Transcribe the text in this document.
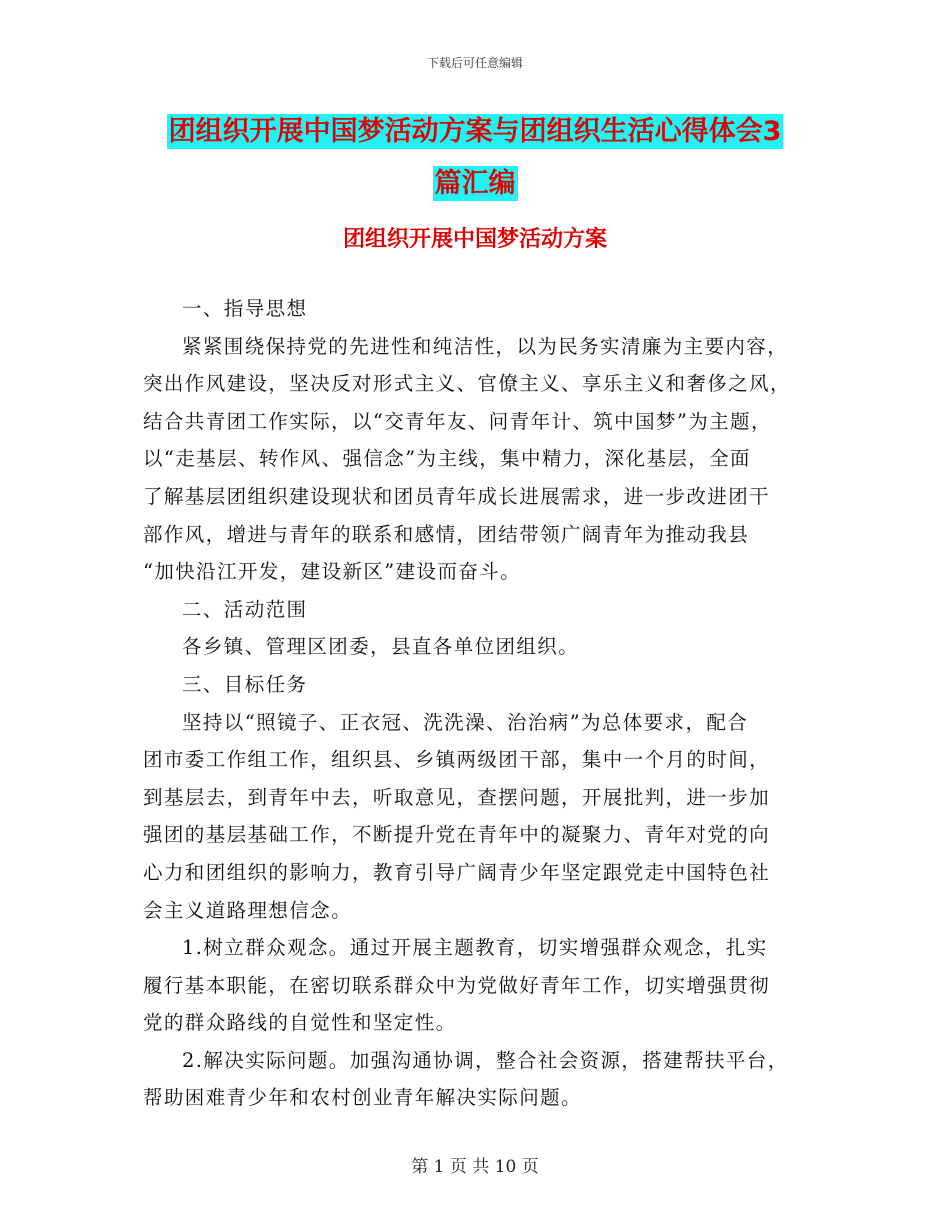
下载后可任意编辑
团组织开展中国梦活动方案与团组织生活心得体会3
篇汇编
团组织开展中国梦活动方案

一、指导思想

紧紧围绕保持党的先进性和纯洁性，以为民务实清廉为主要内容，
突出作风建设，坚决反对形式主义、官僚主义、享乐主义和奢侈之风，
结合共青团工作实际，以“交青年友、问青年计、筑中国梦”为主题，
以“走基层、转作风、强信念”为主线，集中精力，深化基层，全面
了解基层团组织建设现状和团员青年成长进展需求，进一步改进团干
部作风，增进与青年的联系和感情，团结带领广阔青年为推动我县
“加快沿江开发，建设新区”建设而奋斗。

二、活动范围

各乡镇、管理区团委，县直各单位团组织。

三、目标任务

坚持以“照镜子、正衣冠、洗洗澡、治治病”为总体要求，配合
团市委工作组工作，组织县、乡镇两级团干部，集中一个月的时间，
到基层去，到青年中去，听取意见，查摆问题，开展批判，进一步加
强团的基层基础工作，不断提升党在青年中的凝聚力、青年对党的向
心力和团组织的影响力，教育引导广阔青少年坚定跟党走中国特色社
会主义道路理想信念。

1.树立群众观念。通过开展主题教育，切实增强群众观念，扎实
履行基本职能，在密切联系群众中为党做好青年工作，切实增强贯彻
党的群众路线的自觉性和坚定性。

2.解决实际问题。加强沟通协调，整合社会资源，搭建帮扶平台，
帮助困难青少年和农村创业青年解决实际问题。

第 1 页 共 10 页
